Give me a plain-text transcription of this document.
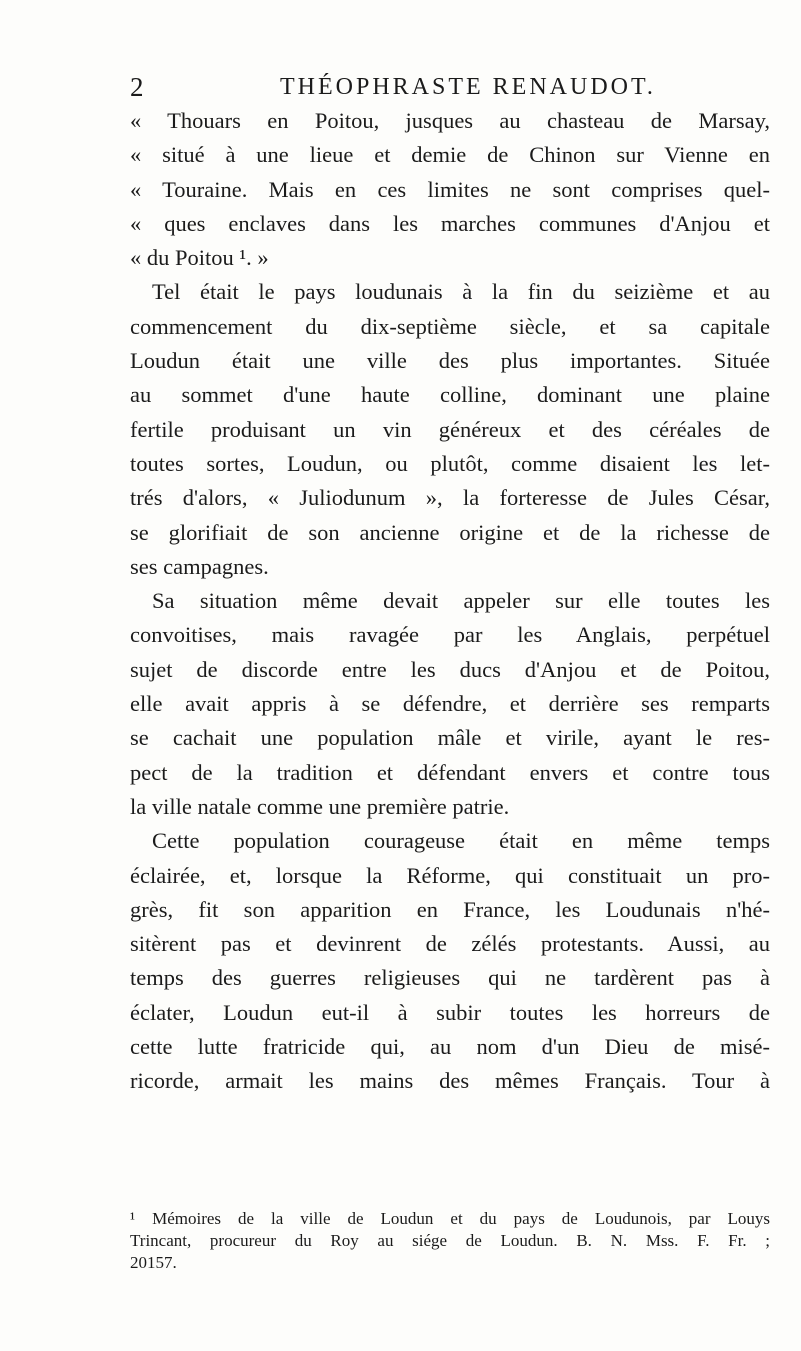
2	THÉOPHRASTE RENAUDOT.
« Thouars en Poitou, jusques au chasteau de Marsay,
« situé à une lieue et demie de Chinon sur Vienne en
« Touraine. Mais en ces limites ne sont comprises quel-
« ques enclaves dans les marches communes d'Anjou et
« du Poitou ¹. »
Tel était le pays loudunais à la fin du seizième et au
commencement du dix-septième siècle, et sa capitale
Loudun était une ville des plus importantes. Située
au sommet d'une haute colline, dominant une plaine
fertile produisant un vin généreux et des céréales de
toutes sortes, Loudun, ou plutôt, comme disaient les let-
trés d'alors, « Juliodunum », la forteresse de Jules César,
se glorifiait de son ancienne origine et de la richesse de
ses campagnes.
Sa situation même devait appeler sur elle toutes les
convoitises, mais ravagée par les Anglais, perpétuel
sujet de discorde entre les ducs d'Anjou et de Poitou,
elle avait appris à se défendre, et derrière ses remparts
se cachait une population mâle et virile, ayant le res-
pect de la tradition et défendant envers et contre tous
la ville natale comme une première patrie.
Cette population courageuse était en même temps
éclairée, et, lorsque la Réforme, qui constituait un pro-
grès, fit son apparition en France, les Loudunais n'hé-
sitèrent pas et devinrent de zélés protestants. Aussi, au
temps des guerres religieuses qui ne tardèrent pas à
éclater, Loudun eut-il à subir toutes les horreurs de
cette lutte fratricide qui, au nom d'un Dieu de misé-
ricorde, armait les mains des mêmes Français. Tour à
¹ Mémoires de la ville de Loudun et du pays de Loudunois, par Louys
Trincant, procureur du Roy au siége de Loudun. B. N. Mss. F. Fr. ;
20157.
